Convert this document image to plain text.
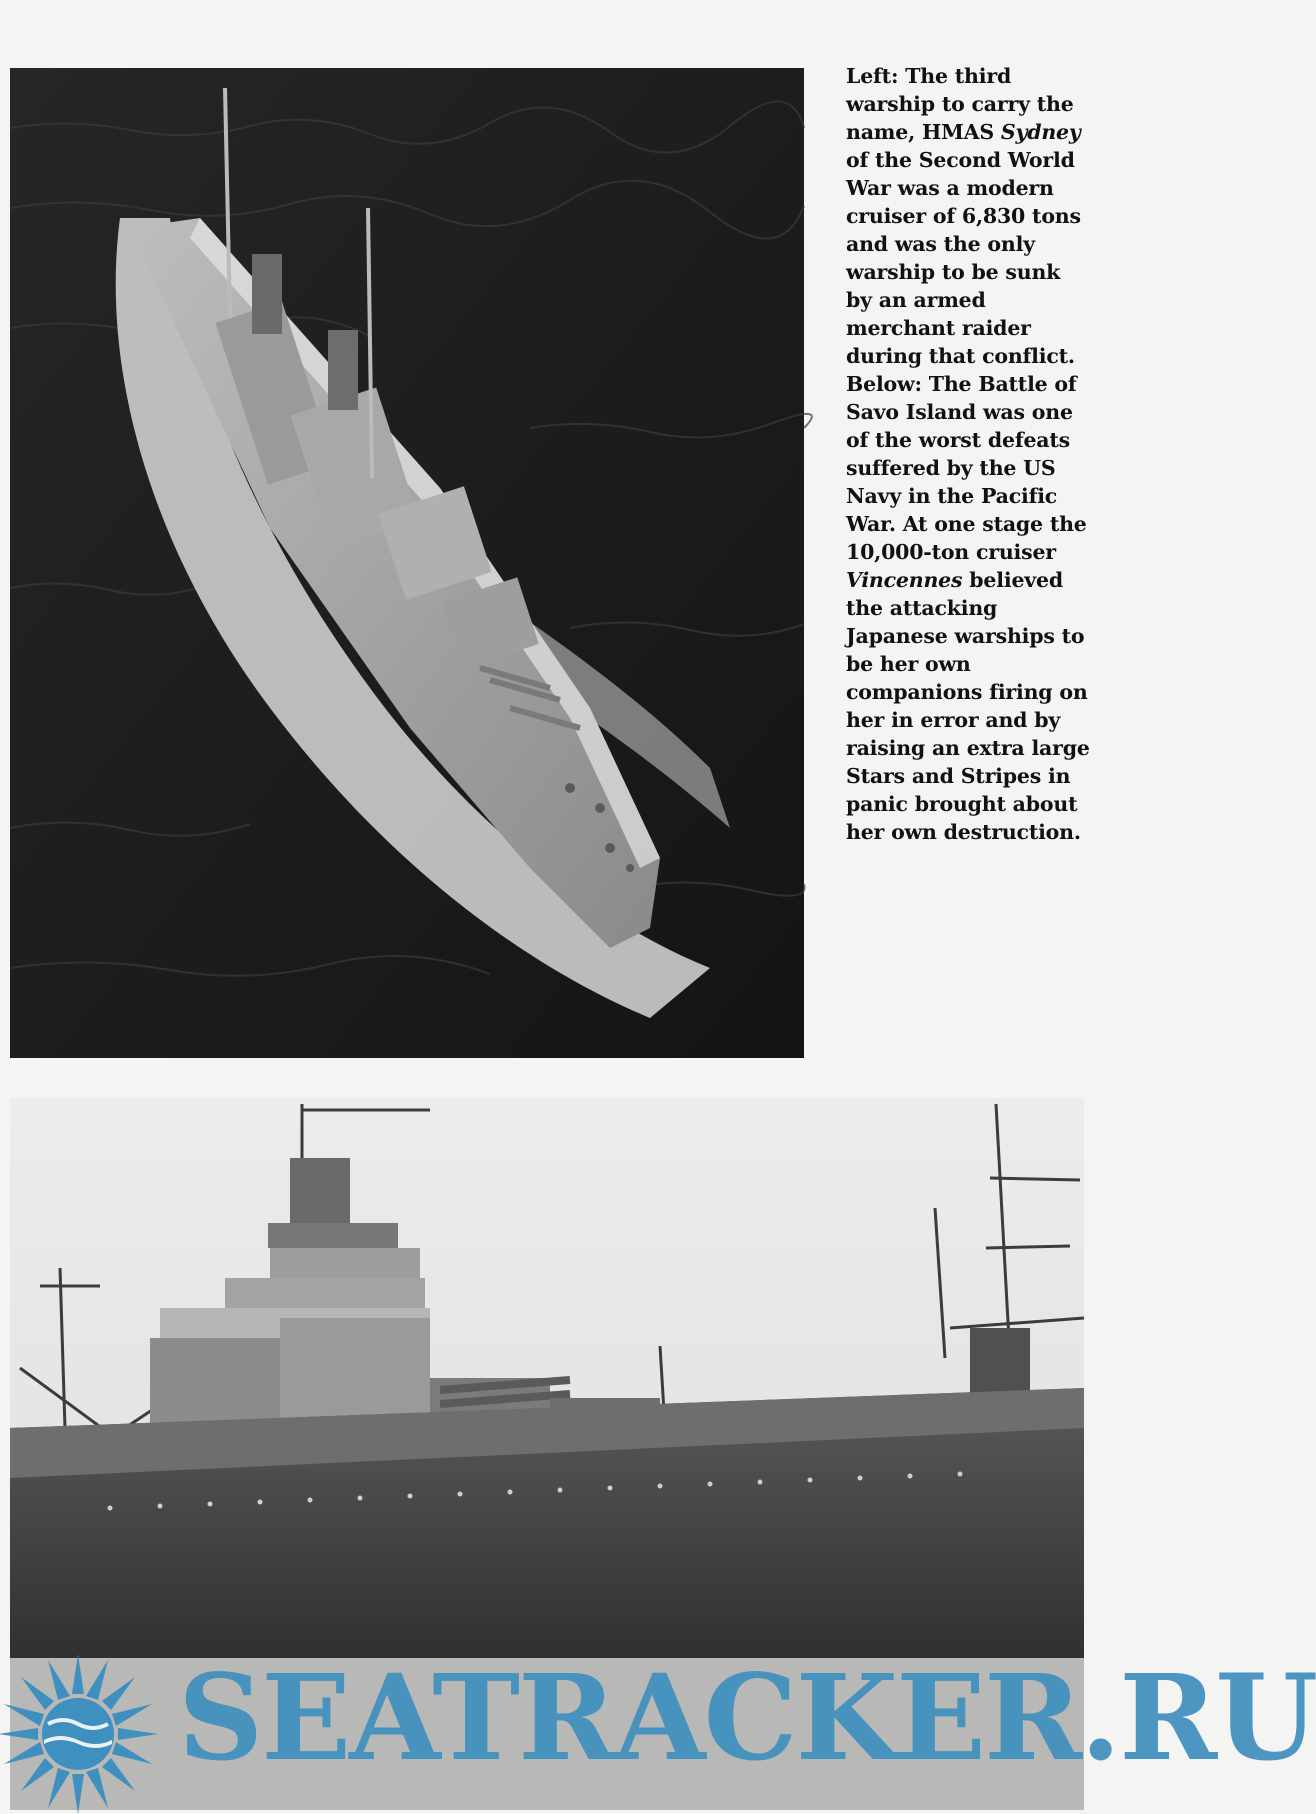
Left: The third warship to carry the name, HMAS Sydney of the Second World War was a modern cruiser of 6,830 tons and was the only warship to be sunk by an armed merchant raider during that conflict.

Below: The Battle of Savo Island was one of the worst defeats suffered by the US Navy in the Pacific War. At one stage the 10,000-ton cruiser Vincennes believed the attacking Japanese warships to be her own companions firing on her in error and by raising an extra large Stars and Stripes in panic brought about her own destruction.

SEATRACKER.RU
